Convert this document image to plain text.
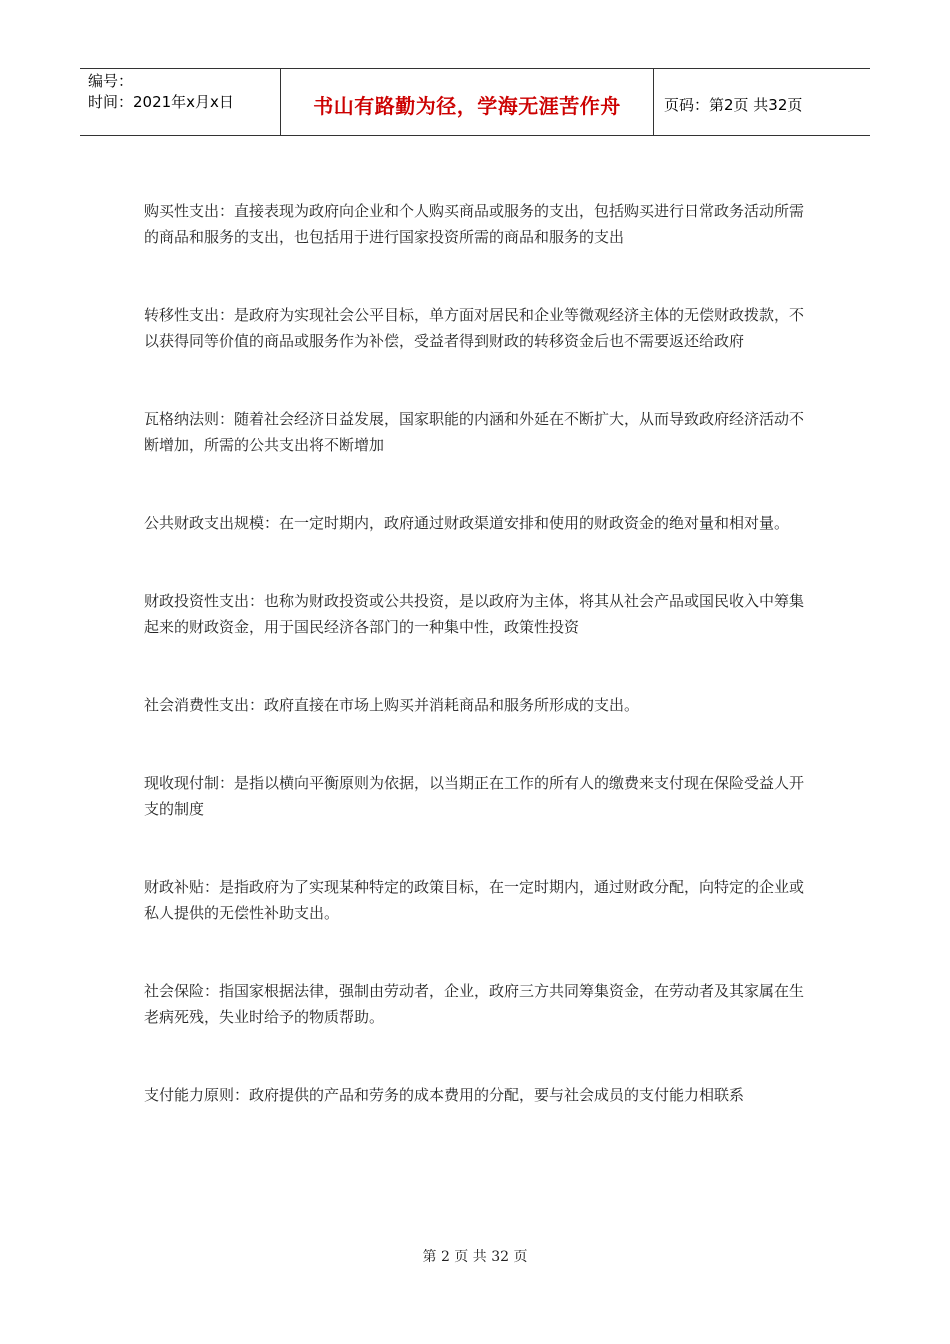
编号：
时间：2021年x月x日	书山有路勤为径，学海无涯苦作舟	页码：第2页 共32页

购买性支出：直接表现为政府向企业和个人购买商品或服务的支出，包括购买进行日常政务活动所需的商品和服务的支出，也包括用于进行国家投资所需的商品和服务的支出

转移性支出：是政府为实现社会公平目标，单方面对居民和企业等微观经济主体的无偿财政拨款，不以获得同等价值的商品或服务作为补偿，受益者得到财政的转移资金后也不需要返还给政府

瓦格纳法则：随着社会经济日益发展，国家职能的内涵和外延在不断扩大，从而导致政府经济活动不断增加，所需的公共支出将不断增加

公共财政支出规模：在一定时期内，政府通过财政渠道安排和使用的财政资金的绝对量和相对量。

财政投资性支出：也称为财政投资或公共投资，是以政府为主体，将其从社会产品或国民收入中筹集起来的财政资金，用于国民经济各部门的一种集中性，政策性投资

社会消费性支出：政府直接在市场上购买并消耗商品和服务所形成的支出。

现收现付制：是指以横向平衡原则为依据，以当期正在工作的所有人的缴费来支付现在保险受益人开支的制度

财政补贴：是指政府为了实现某种特定的政策目标，在一定时期内，通过财政分配，向特定的企业或私人提供的无偿性补助支出。

社会保险：指国家根据法律，强制由劳动者，企业，政府三方共同筹集资金，在劳动者及其家属在生老病死残，失业时给予的物质帮助。

支付能力原则：政府提供的产品和劳务的成本费用的分配，要与社会成员的支付能力相联系

第 2 页 共 32 页
